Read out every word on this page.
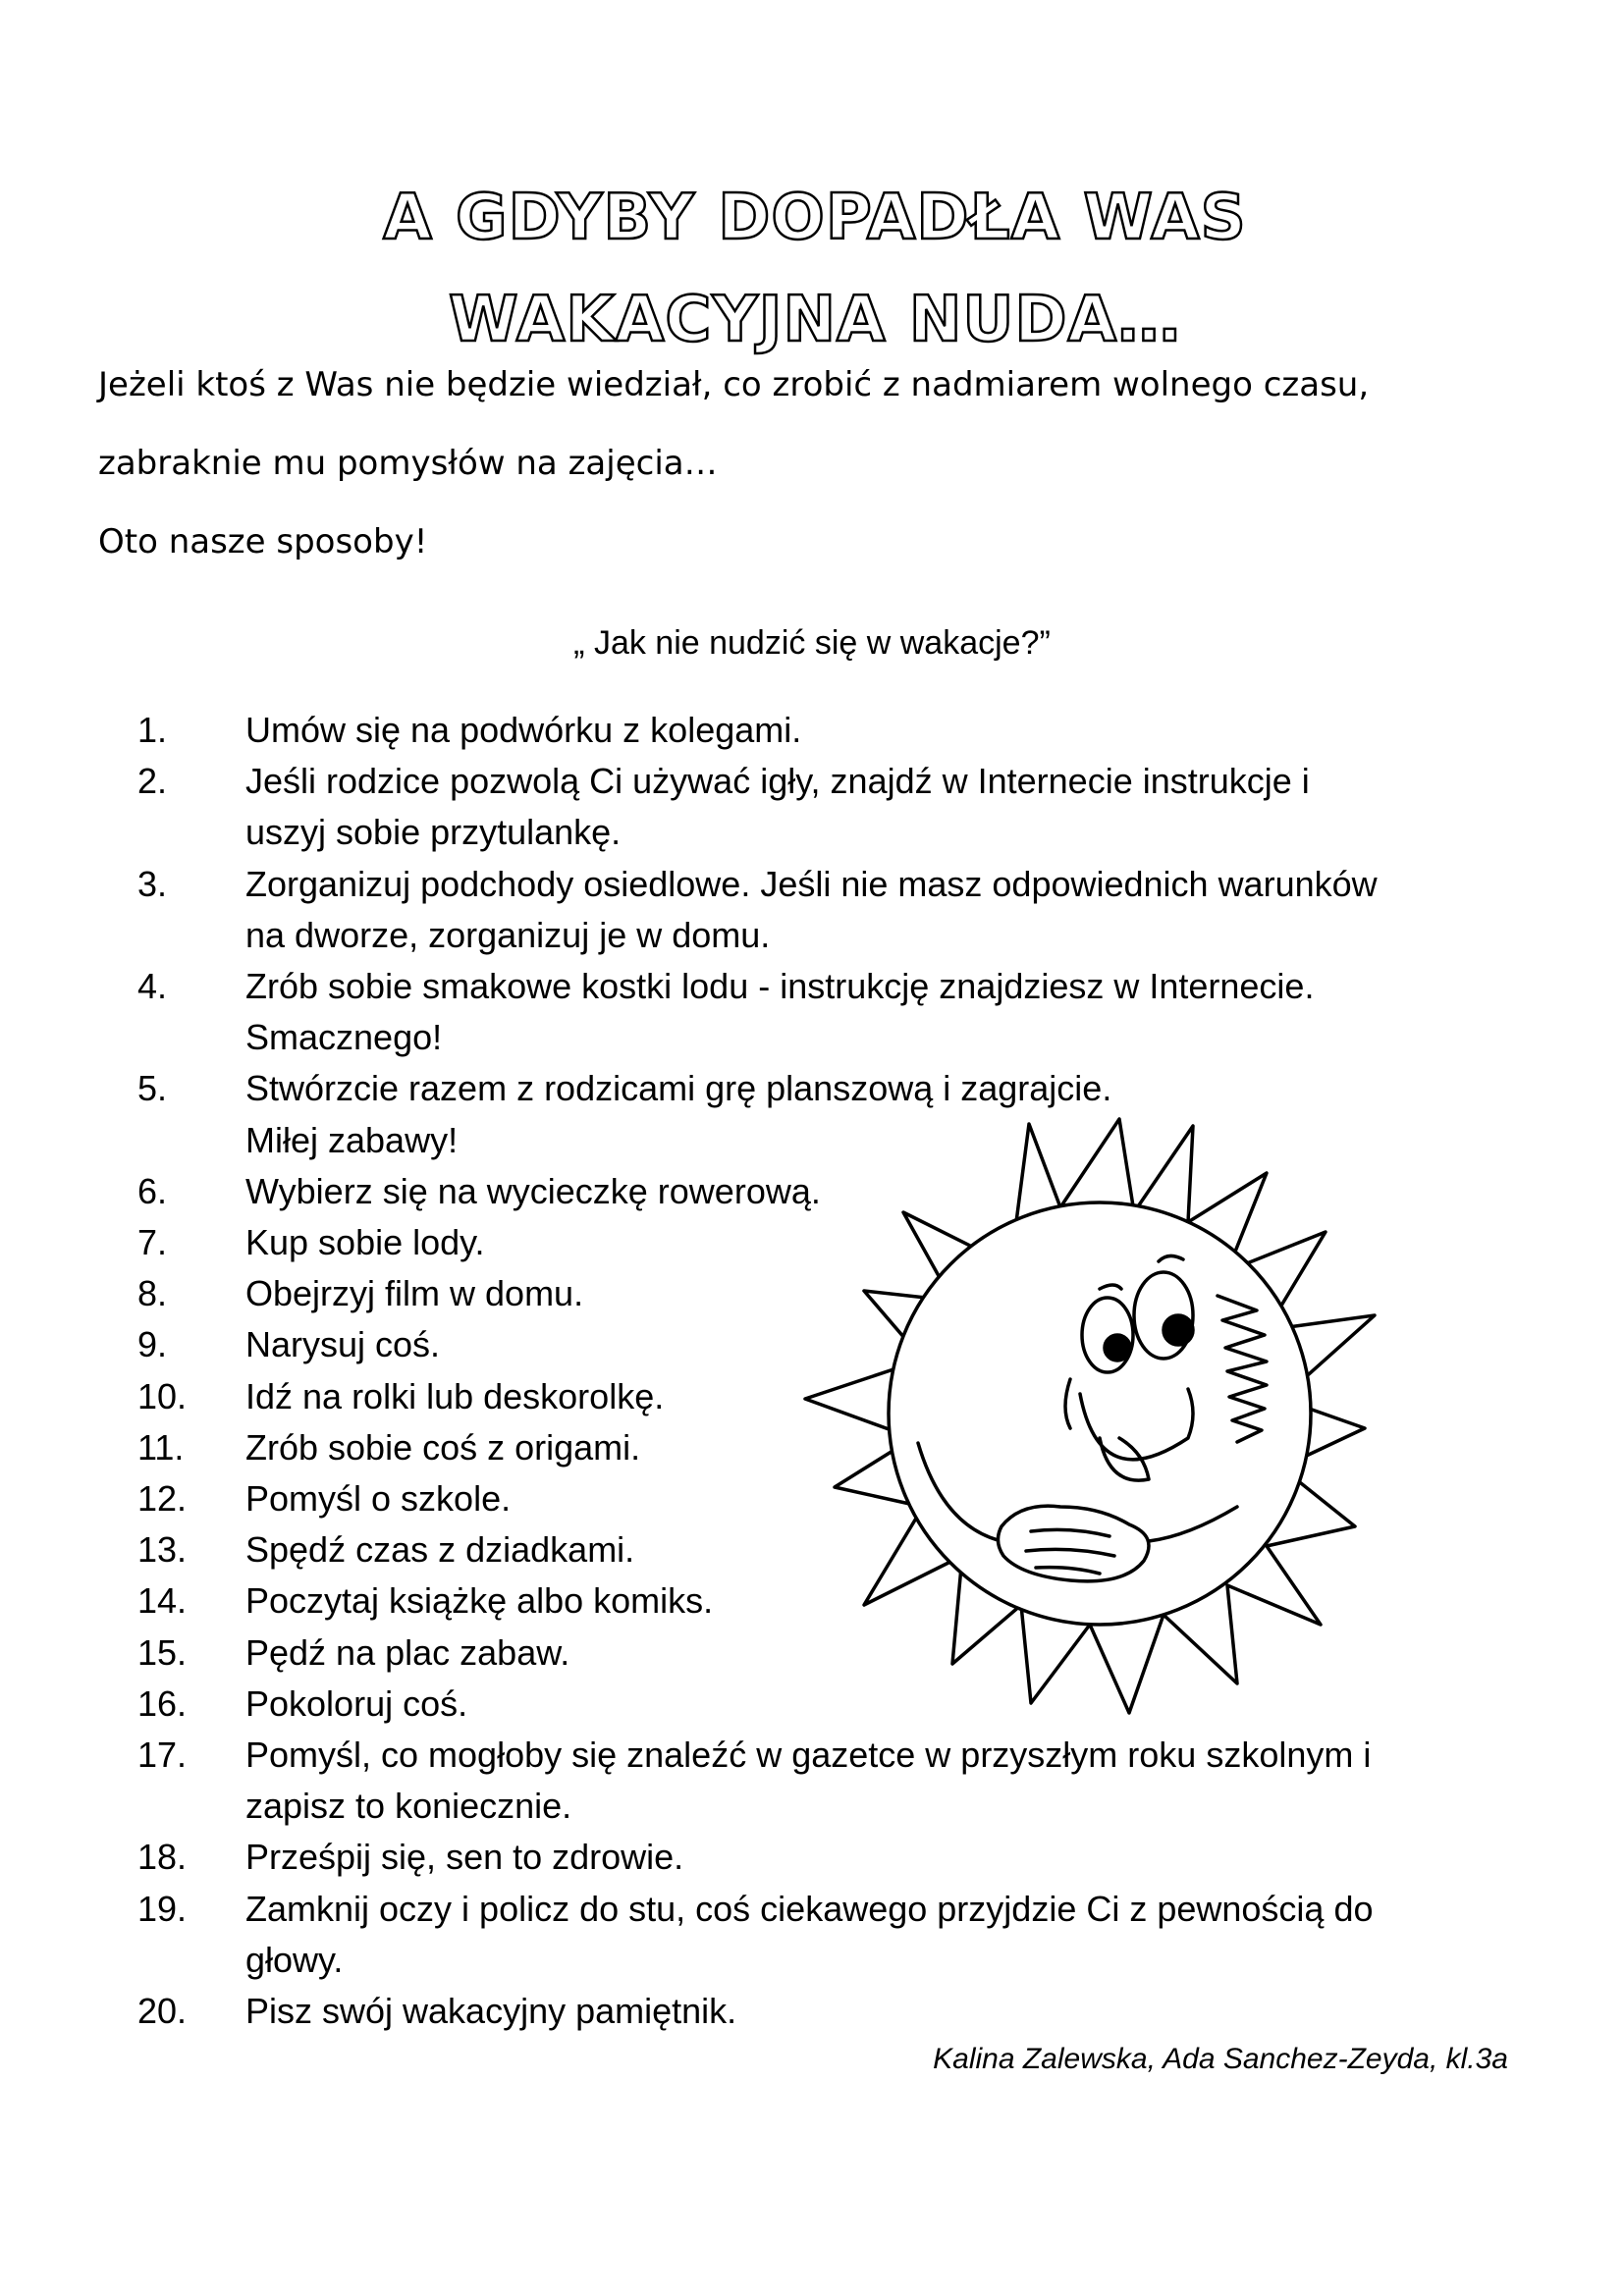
A GDYBY DOPADŁA WAS WAKACYJNA NUDA…
Jeżeli ktoś z Was nie będzie wiedział, co zrobić z nadmiarem wolnego czasu,
zabraknie mu pomysłów na zajęcia…
Oto nasze sposoby!
„ Jak nie nudzić się w wakacje?”
1.	Umów się na podwórku z kolegami.
2.	Jeśli rodzice pozwolą Ci używać igły, znajdź w Internecie instrukcje i
uszyj sobie przytulankę.
3.	Zorganizuj podchody osiedlowe. Jeśli nie masz odpowiednich warunków
na dworze, zorganizuj je w domu.
4.	Zrób sobie smakowe kostki lodu - instrukcję znajdziesz w Internecie.
Smacznego!
5.	Stwórzcie razem z rodzicami grę planszową i zagrajcie.
Miłej zabawy!
6.	Wybierz się na wycieczkę rowerową.
7.	Kup sobie lody.
8.	Obejrzyj film w domu.
9.	Narysuj coś.
10.	Idź na rolki lub deskorolkę.
11.	Zrób sobie coś z origami.
12.	Pomyśl o szkole.
13.	Spędź czas z dziadkami.
14.	Poczytaj książkę albo komiks.
15.	Pędź na plac zabaw.
16.	Pokoloruj coś.
17.	Pomyśl, co mogłoby się znaleźć w gazetce w przyszłym roku szkolnym i
zapisz to koniecznie.
18.	Prześpij się, sen to zdrowie.
19.	Zamknij oczy i policz do stu, coś ciekawego przyjdzie Ci z pewnością do
głowy.
20.	Pisz swój wakacyjny pamiętnik.
Kalina Zalewska, Ada Sanchez-Zeyda, kl.3a
